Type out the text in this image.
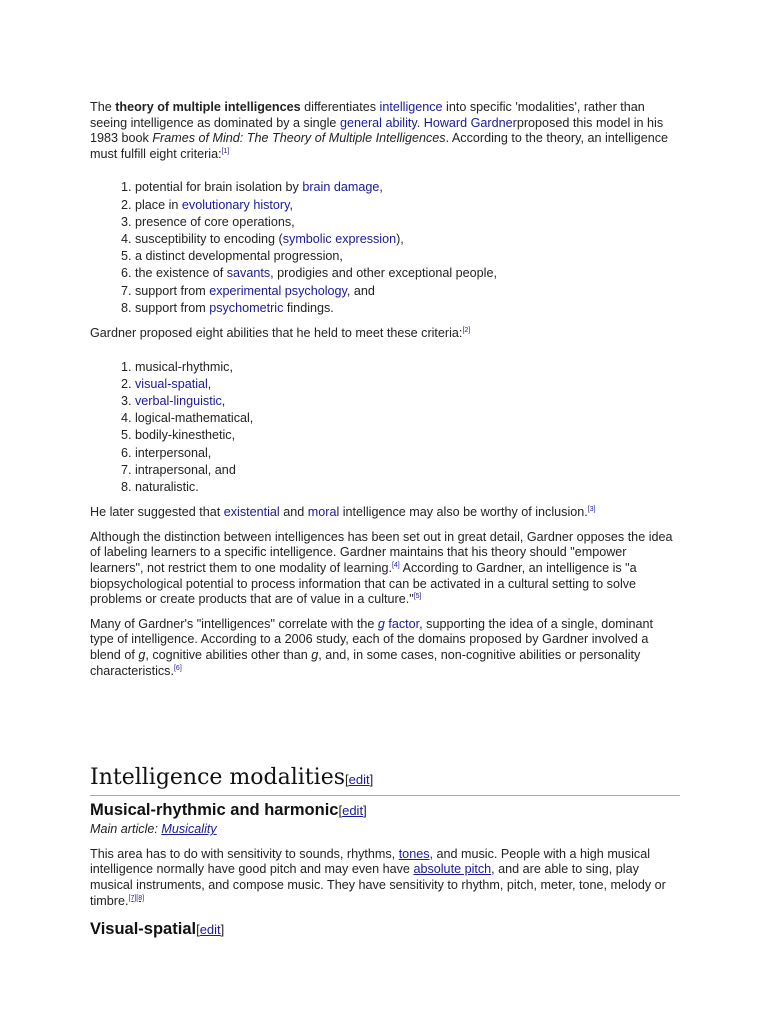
The theory of multiple intelligences differentiates intelligence into specific 'modalities', rather than seeing intelligence as dominated by a single general ability. Howard Gardnerproposed this model in his 1983 book Frames of Mind: The Theory of Multiple Intelligences. According to the theory, an intelligence must fulfill eight criteria:[1]

1. potential for brain isolation by brain damage,
2. place in evolutionary history,
3. presence of core operations,
4. susceptibility to encoding (symbolic expression),
5. a distinct developmental progression,
6. the existence of savants, prodigies and other exceptional people,
7. support from experimental psychology, and
8. support from psychometric findings.

Gardner proposed eight abilities that he held to meet these criteria:[2]

1. musical-rhythmic,
2. visual-spatial,
3. verbal-linguistic,
4. logical-mathematical,
5. bodily-kinesthetic,
6. interpersonal,
7. intrapersonal, and
8. naturalistic.

He later suggested that existential and moral intelligence may also be worthy of inclusion.[3]

Although the distinction between intelligences has been set out in great detail, Gardner opposes the idea of labeling learners to a specific intelligence. Gardner maintains that his theory should "empower learners", not restrict them to one modality of learning.[4] According to Gardner, an intelligence is "a biopsychological potential to process information that can be activated in a cultural setting to solve problems or create products that are of value in a culture."[5]

Many of Gardner's "intelligences" correlate with the g factor, supporting the idea of a single, dominant type of intelligence. According to a 2006 study, each of the domains proposed by Gardner involved a blend of g, cognitive abilities other than g, and, in some cases, non-cognitive abilities or personality characteristics.[6]

Intelligence modalities[edit]
Musical-rhythmic and harmonic[edit]
Main article: Musicality

This area has to do with sensitivity to sounds, rhythms, tones, and music. People with a high musical intelligence normally have good pitch and may even have absolute pitch, and are able to sing, play musical instruments, and compose music. They have sensitivity to rhythm, pitch, meter, tone, melody or timbre.[7][8]

Visual-spatial[edit]
